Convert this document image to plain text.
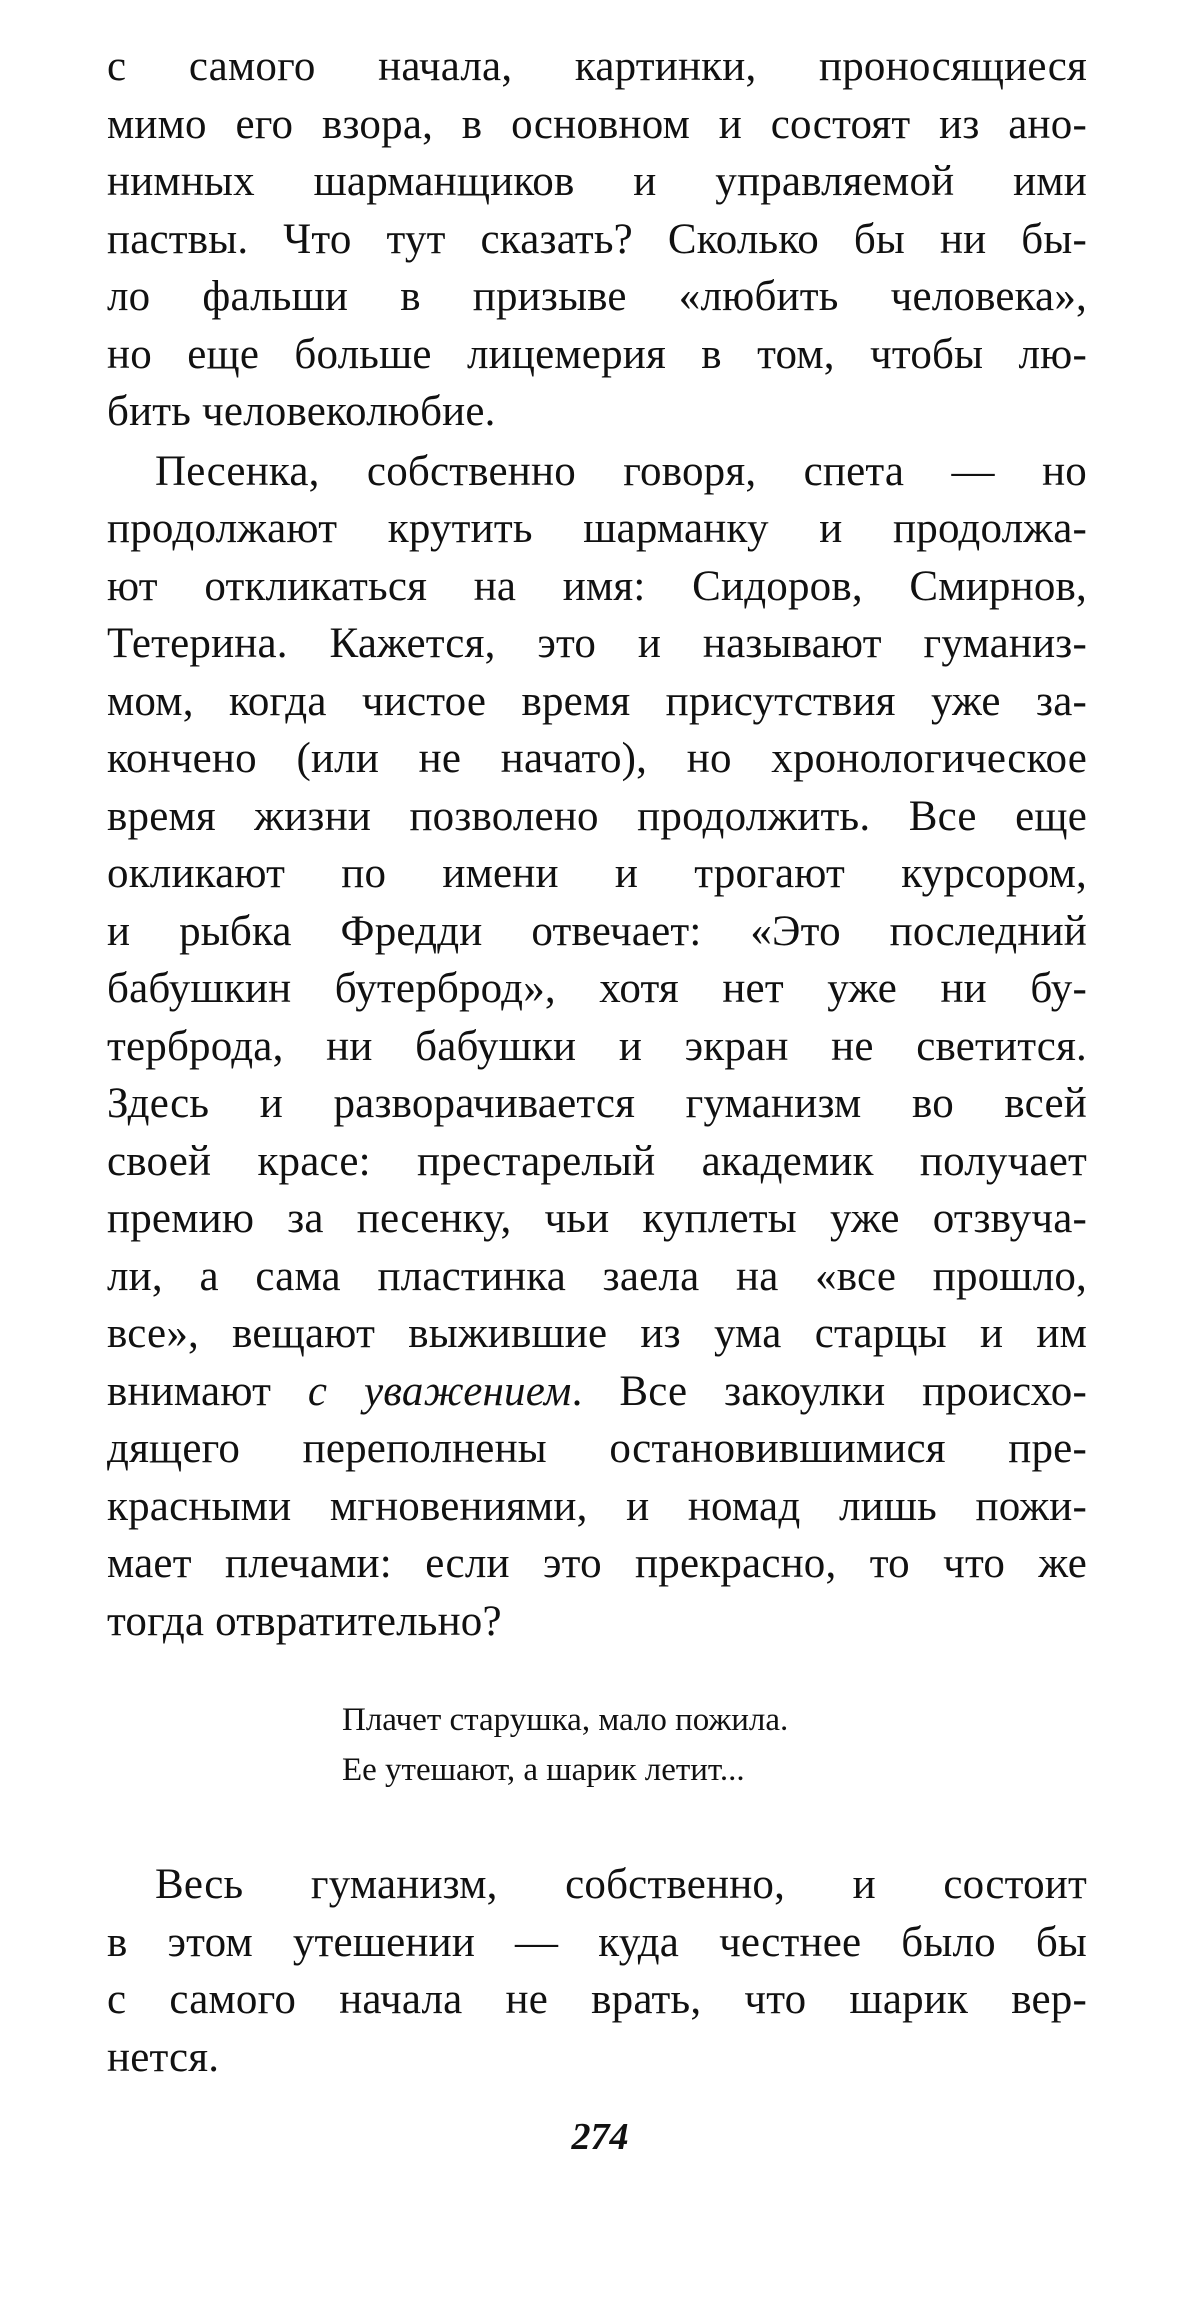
с самого начала, картинки, проносящиеся
мимо его взора, в основном и состоят из ано-
нимных шарманщиков и управляемой ими
паствы. Что тут сказать? Сколько бы ни бы-
ло фальши в призыве «любить человека»,
но еще больше лицемерия в том, чтобы лю-
бить человеколюбие.
Песенка, собственно говоря, спета — но
продолжают крутить шарманку и продолжа-
ют откликаться на имя: Сидоров, Смирнов,
Тетерина. Кажется, это и называют гуманиз-
мом, когда чистое время присутствия уже за-
кончено (или не начато), но хронологическое
время жизни позволено продолжить. Все еще
окликают по имени и трогают курсором,
и рыбка Фредди отвечает: «Это последний
бабушкин бутерброд», хотя нет уже ни бу-
терброда, ни бабушки и экран не светится.
Здесь и разворачивается гуманизм во всей
своей красе: престарелый академик получает
премию за песенку, чьи куплеты уже отзвуча-
ли, а сама пластинка заела на «все прошло,
все», вещают выжившие из ума старцы и им
внимают с уважением. Все закоулки происхо-
дящего переполнены остановившимися пре-
красными мгновениями, и номад лишь пожи-
мает плечами: если это прекрасно, то что же
тогда отвратительно?
Плачет старушка, мало пожила.
Ее утешают, а шарик летит...
Весь гуманизм, собственно, и состоит
в этом утешении — куда честнее было бы
с самого начала не врать, что шарик вер-
нется.
274
